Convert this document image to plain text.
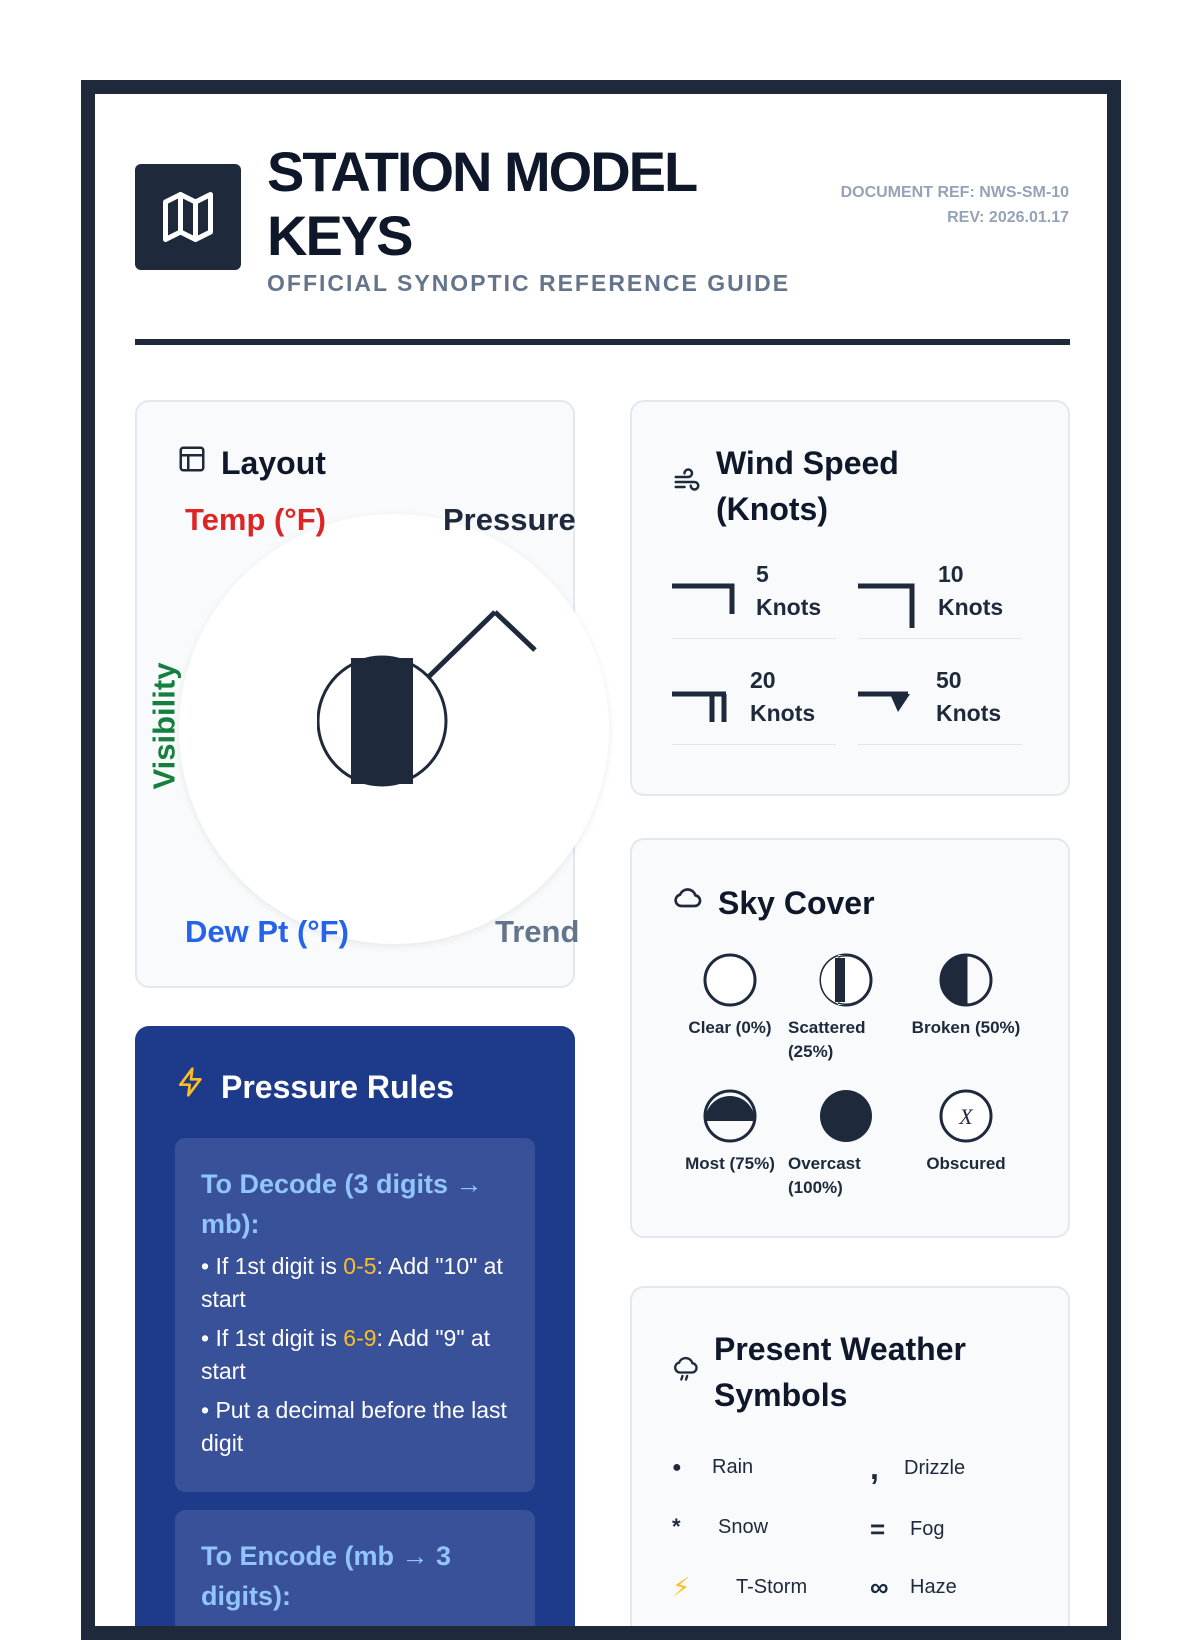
STATION MODEL KEYS
OFFICIAL SYNOPTIC REFERENCE GUIDE
DOCUMENT REF: NWS-SM-10
REV: 2026.01.17
Layout
Temp (°F)	Pressure
Visibility
Dew Pt (°F)	Trend
Wind Speed (Knots)
5
Knots
10
Knots
20
Knots
50
Knots
Sky Cover
Clear (0%) Scattered (25%)
Broken (50%)
Most (75%) Overcast (100%)
X
Obscured
Pressure Rules
To Decode (3 digits → mb):
• If 1st digit is 0-5: Add "10" at start
• If 1st digit is 6-9: Add "9" at start
• Put a decimal before the last digit
To Encode (mb → 3 digits):
Present Weather Symbols
●	Rain	,	Drizzle
*	Snow	=	Fog
⚡	T-Storm ∞	Haze
